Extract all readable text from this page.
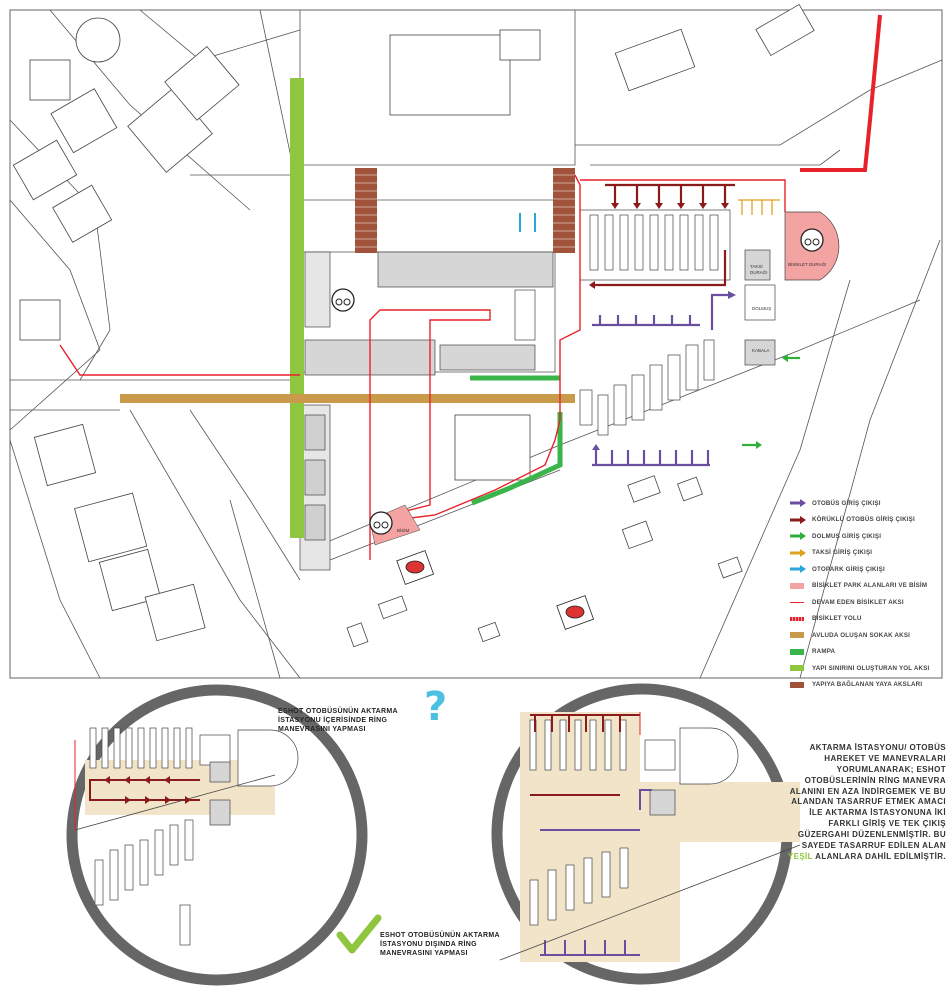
TAKSİ
DURAĞI
BİSİKLET DURAĞI
DOLMUŞ
KABALA
BİSİM
OTOBÜS GİRİŞ ÇIKIŞI
KÖRÜKLÜ OTOBÜS GİRİŞ ÇIKIŞI
DOLMUŞ GİRİŞ ÇIKIŞI
TAKSİ GİRİŞ ÇIKIŞI
OTOPARK GİRİŞ ÇIKIŞI
BİSİKLET PARK ALANLARI VE BİSİM
DEVAM EDEN BİSİKLET AKSI
BİSİKLET YOLU
AVLUDA OLUŞAN SOKAK AKSI
RAMPA
YAPI SINIRINI OLUŞTURAN YOL AKSI
YAPIYA BAĞLANAN YAYA AKSLARI
ESHOT OTOBÜSÜNÜN AKTARMA İSTASYONU İÇERİSİNDE RİNG MANEVRASINI YAPMASI	?
ESHOT OTOBÜSÜNÜN AKTARMA İSTASYONU DIŞINDA RİNG MANEVRASINI YAPMASI
AKTARMA İSTASYONU/ OTOBÜS HAREKET VE MANEVRALARI YORUMLANARAK; ESHOT OTOBÜSLERİNİN RİNG MANEVRA ALANINI EN AZA İNDİRGEMEK VE BU ALANDAN TASARRUF ETMEK AMACI İLE AKTARMA İSTASYONUNA İKİ FARKLI GİRİŞ VE TEK ÇIKIŞ GÜZERGAHI DÜZENLENMİŞTİR. BU SAYEDE TASARRUF EDİLEN ALAN YEŞİL ALANLARA DAHİL EDİLMİŞTİR.
